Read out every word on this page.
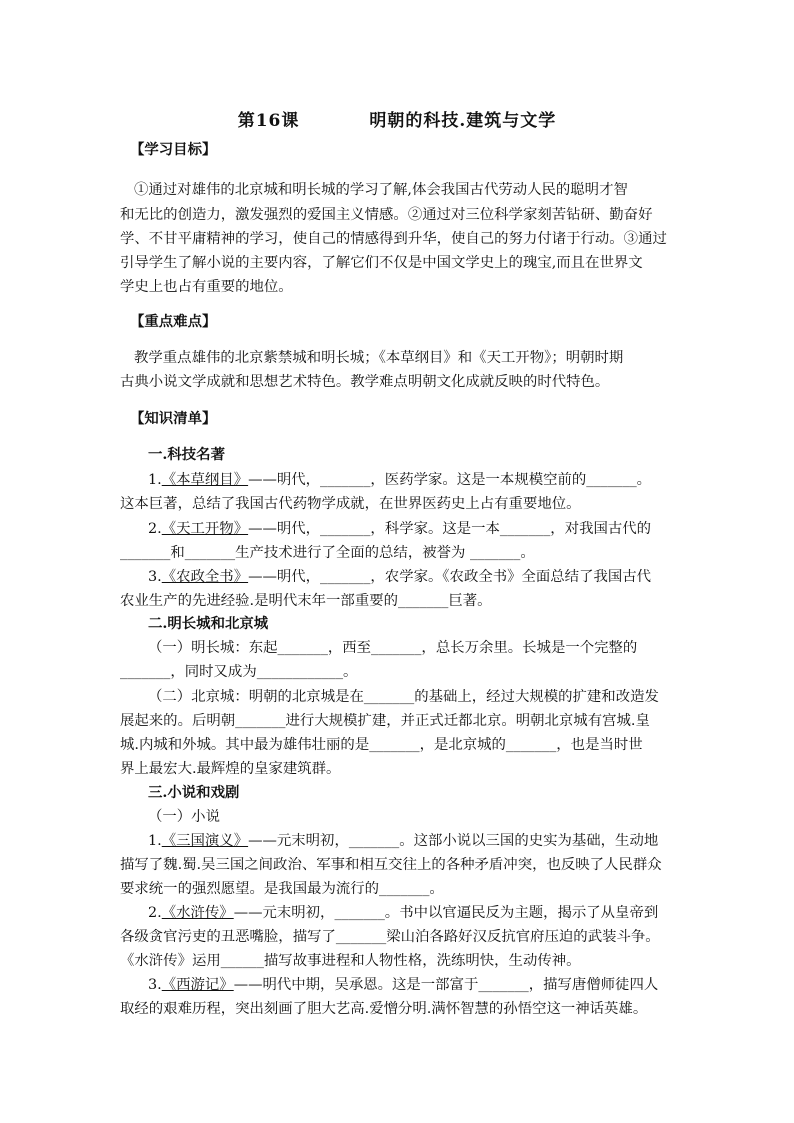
第16课	明朝的科技.建筑与文学
【学习目标】
①通过对雄伟的北京城和明长城的学习了解,体会我国古代劳动人民的聪明才智
和无比的创造力，激发强烈的爱国主义情感。②通过对三位科学家刻苦钻研、勤奋好
学、不甘平庸精神的学习，使自己的情感得到升华，使自己的努力付诸于行动。③通过
引导学生了解小说的主要内容，了解它们不仅是中国文学史上的瑰宝,而且在世界文
学史上也占有重要的地位。
【重点难点】
教学重点雄伟的北京紫禁城和明长城；《本草纲目》和《天工开物》；明朝时期
古典小说文学成就和思想艺术特色。教学难点明朝文化成就反映的时代特色。
【知识清单】
一.科技名著
1.《本草纲目》——明代，_______，医药学家。这是一本规模空前的_______。
这本巨著，总结了我国古代药物学成就，在世界医药史上占有重要地位。
2.《天工开物》——明代，_______，科学家。这是一本_______，对我国古代的
_______和_______生产技术进行了全面的总结，被誉为 _______。
3.《农政全书》——明代，_______，农学家。《农政全书》全面总结了我国古代
农业生产的先进经验.是明代末年一部重要的_______巨著。
二.明长城和北京城
（一）明长城：东起_______，西至_______，总长万余里。长城是一个完整的
_______，同时又成为____________。
（二）北京城：明朝的北京城是在_______的基础上，经过大规模的扩建和改造发
展起来的。后明朝_______进行大规模扩建，并正式迁都北京。明朝北京城有宫城.皇
城.内城和外城。其中最为雄伟壮丽的是_______，是北京城的_______，也是当时世
界上最宏大.最辉煌的皇家建筑群。
三.小说和戏剧
（一）小说
1.《三国演义》——元末明初，_______。这部小说以三国的史实为基础，生动地
描写了魏.蜀.吴三国之间政治、军事和相互交往上的各种矛盾冲突，也反映了人民群众
要求统一的强烈愿望。是我国最为流行的_______。
2.《水浒传》——元末明初，_______。书中以官逼民反为主题，揭示了从皇帝到
各级贪官污吏的丑恶嘴脸，描写了_______梁山泊各路好汉反抗官府压迫的武装斗争。
《水浒传》运用______描写故事进程和人物性格，洗练明快，生动传神。
3.《西游记》——明代中期，吴承恩。这是一部富于_______，描写唐僧师徒四人
取经的艰难历程，突出刻画了胆大艺高.爱憎分明.满怀智慧的孙悟空这一神话英雄。
